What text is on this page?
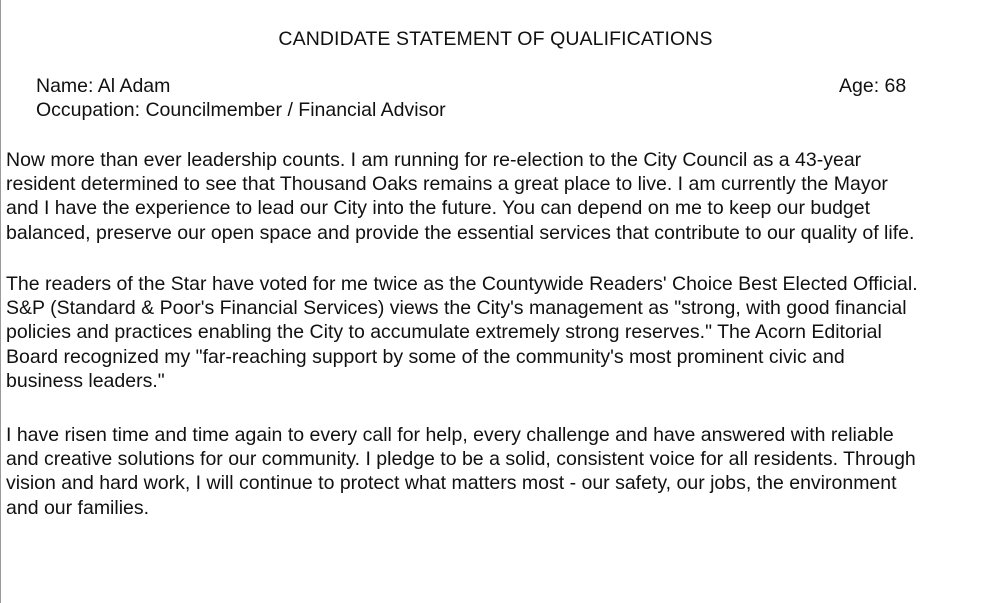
CANDIDATE STATEMENT OF QUALIFICATIONS
Name: Al Adam	Age: 68
Occupation: Councilmember / Financial Advisor

Now more than ever leadership counts. I am running for re-election to the City Council as a 43-year
resident determined to see that Thousand Oaks remains a great place to live. I am currently the Mayor
and I have the experience to lead our City into the future. You can depend on me to keep our budget
balanced, preserve our open space and provide the essential services that contribute to our quality of life.

The readers of the Star have voted for me twice as the Countywide Readers' Choice Best Elected Official.
S&P (Standard & Poor's Financial Services) views the City's management as "strong, with good financial
policies and practices enabling the City to accumulate extremely strong reserves." The Acorn Editorial
Board recognized my "far-reaching support by some of the community's most prominent civic and
business leaders."

I have risen time and time again to every call for help, every challenge and have answered with reliable
and creative solutions for our community. I pledge to be a solid, consistent voice for all residents. Through
vision and hard work, I will continue to protect what matters most - our safety, our jobs, the environment
and our families.
